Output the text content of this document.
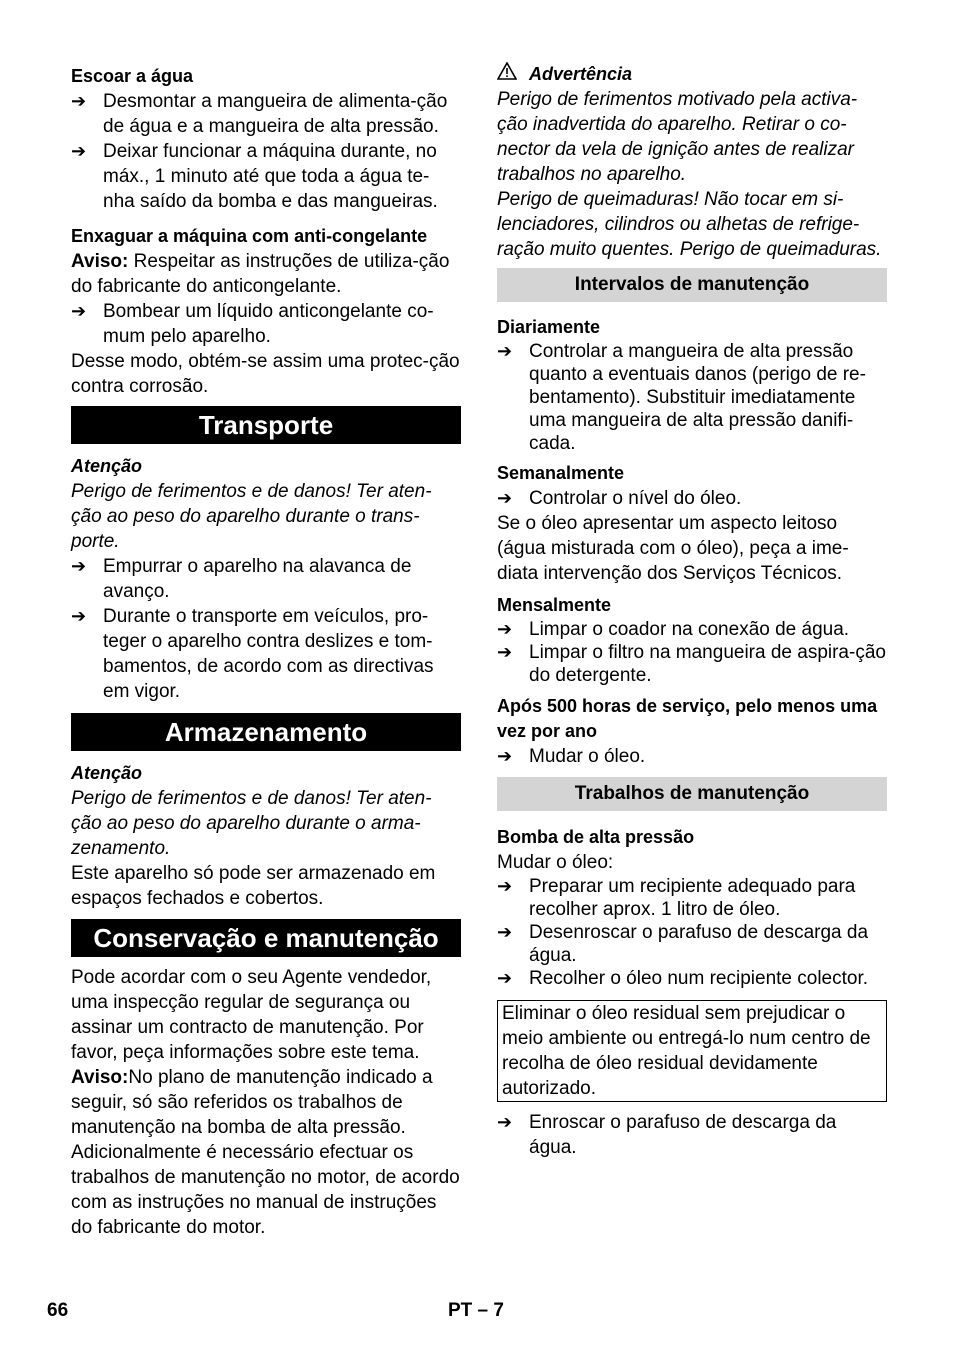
Escoar a água
➔ Desmontar a mangueira de alimenta-ção de água e a mangueira de alta pressão.
➔ Deixar funcionar a máquina durante, no máx., 1 minuto até que toda a água te-nha saído da bomba e das mangueiras.
Enxaguar a máquina com anti-congelante

Aviso: Respeitar as instruções de utiliza-ção do fabricante do anticongelante.

➔ Bombear um líquido anticongelante co-mum pelo aparelho.

Desse modo, obtém-se assim uma protec-ção contra corrosão.

Transporte
Atenção

Perigo de ferimentos e de danos! Ter aten-ção ao peso do aparelho durante o trans-porte.

➔ Empurrar o aparelho na alavanca de avanço.
➔ Durante o transporte em veículos, pro-teger o aparelho contra deslizes e tom-bamentos, de acordo com as directivas em vigor.
Armazenamento
Atenção

Perigo de ferimentos e de danos! Ter aten-ção ao peso do aparelho durante o arma-zenamento.

Este aparelho só pode ser armazenado em espaços fechados e cobertos.

Conservação e manutenção

Pode acordar com o seu Agente vendedor, uma inspecção regular de segurança ou assinar um contracto de manutenção. Por favor, peça informações sobre este tema.

Aviso:No plano de manutenção indicado a seguir, só são referidos os trabalhos de manutenção na bomba de alta pressão. Adicionalmente é necessário efectuar os trabalhos de manutenção no motor, de acordo com as instruções no manual de instruções do fabricante do motor.

Advertência

Perigo de ferimentos motivado pela activa-ção inadvertida do aparelho. Retirar o co-nector da vela de ignição antes de realizar trabalhos no aparelho.

Perigo de queimaduras! Não tocar em si-lenciadores, cilindros ou alhetas de refrige-ração muito quentes. Perigo de queimaduras.

Intervalos de manutenção
Diariamente
➔ Controlar a mangueira de alta pressão quanto a eventuais danos (perigo de re-bentamento). Substituir imediatamente uma mangueira de alta pressão danifi-cada.
Semanalmente
➔ Controlar o nível do óleo.

Se o óleo apresentar um aspecto leitoso (água misturada com o óleo), peça a ime-diata intervenção dos Serviços Técnicos.

Mensalmente
➔ Limpar o coador na conexão de água.
➔ Limpar o filtro na mangueira de aspira-ção do detergente.
Após 500 horas de serviço, pelo menos uma vez por ano
➔ Mudar o óleo.
Trabalhos de manutenção
Bomba de alta pressão

Mudar o óleo:

➔ Preparar um recipiente adequado para recolher aprox. 1 litro de óleo.
➔ Desenroscar o parafuso de descarga da água.
➔ Recolher o óleo num recipiente colector.

Eliminar o óleo residual sem prejudicar o meio ambiente ou entregá-lo num centro de recolha de óleo residual devidamente autorizado.

➔ Enroscar o parafuso de descarga da água.
66	PT – 7
